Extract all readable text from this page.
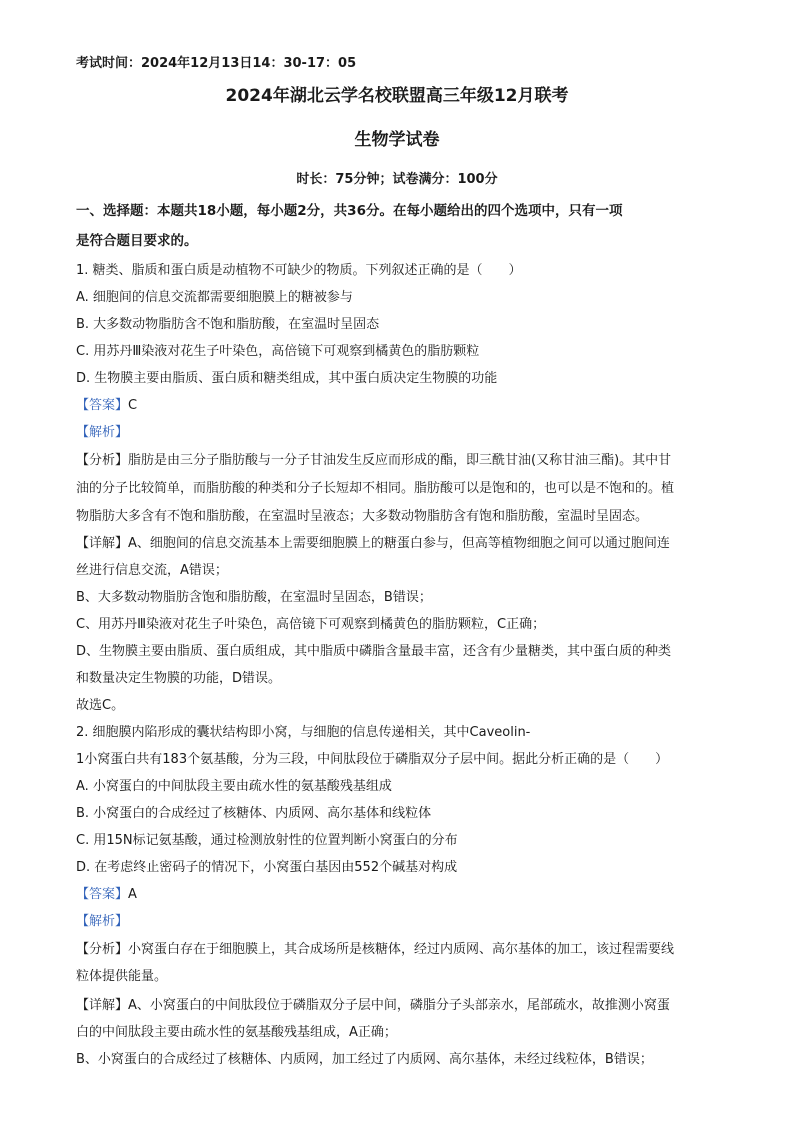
考试时间：2024年12月13日14：30-17：05
2024年湖北云学名校联盟高三年级12月联考
生物学试卷
时长：75分钟；试卷满分：100分
一、选择题：本题共18小题，每小题2分，共36分。在每小题给出的四个选项中，只有一项
是符合题目要求的。
1. 糖类、脂质和蛋白质是动植物不可缺少的物质。下列叙述正确的是（　　）
A. 细胞间的信息交流都需要细胞膜上的糖被参与
B. 大多数动物脂肪含不饱和脂肪酸，在室温时呈固态
C. 用苏丹Ⅲ染液对花生子叶染色，高倍镜下可观察到橘黄色的脂肪颗粒
D. 生物膜主要由脂质、蛋白质和糖类组成，其中蛋白质决定生物膜的功能
【答案】C
【解析】
【分析】脂肪是由三分子脂肪酸与一分子甘油发生反应而形成的酯，即三酰甘油(又称甘油三酯)。其中甘
油的分子比较简单，而脂肪酸的种类和分子长短却不相同。脂肪酸可以是饱和的，也可以是不饱和的。植
物脂肪大多含有不饱和脂肪酸，在室温时呈液态；大多数动物脂肪含有饱和脂肪酸，室温时呈固态。
【详解】A、细胞间的信息交流基本上需要细胞膜上的糖蛋白参与，但高等植物细胞之间可以通过胞间连
丝进行信息交流，A错误；
B、大多数动物脂肪含饱和脂肪酸，在室温时呈固态，B错误；
C、用苏丹Ⅲ染液对花生子叶染色，高倍镜下可观察到橘黄色的脂肪颗粒，C正确；
D、生物膜主要由脂质、蛋白质组成，其中脂质中磷脂含量最丰富，还含有少量糖类，其中蛋白质的种类
和数量决定生物膜的功能，D错误。
故选C。
2. 细胞膜内陷形成的囊状结构即小窝，与细胞的信息传递相关，其中Caveolin-
1小窝蛋白共有183个氨基酸，分为三段，中间肽段位于磷脂双分子层中间。据此分析正确的是（　　）
A. 小窝蛋白的中间肽段主要由疏水性的氨基酸残基组成
B. 小窝蛋白的合成经过了核糖体、内质网、高尔基体和线粒体
C. 用15N标记氨基酸，通过检测放射性的位置判断小窝蛋白的分布
D. 在考虑终止密码子的情况下，小窝蛋白基因由552个碱基对构成
【答案】A
【解析】
【分析】小窝蛋白存在于细胞膜上，其合成场所是核糖体，经过内质网、高尔基体的加工，该过程需要线
粒体提供能量。
【详解】A、小窝蛋白的中间肽段位于磷脂双分子层中间，磷脂分子头部亲水，尾部疏水，故推测小窝蛋
白的中间肽段主要由疏水性的氨基酸残基组成，A正确；
B、小窝蛋白的合成经过了核糖体、内质网，加工经过了内质网、高尔基体，未经过线粒体，B错误；
